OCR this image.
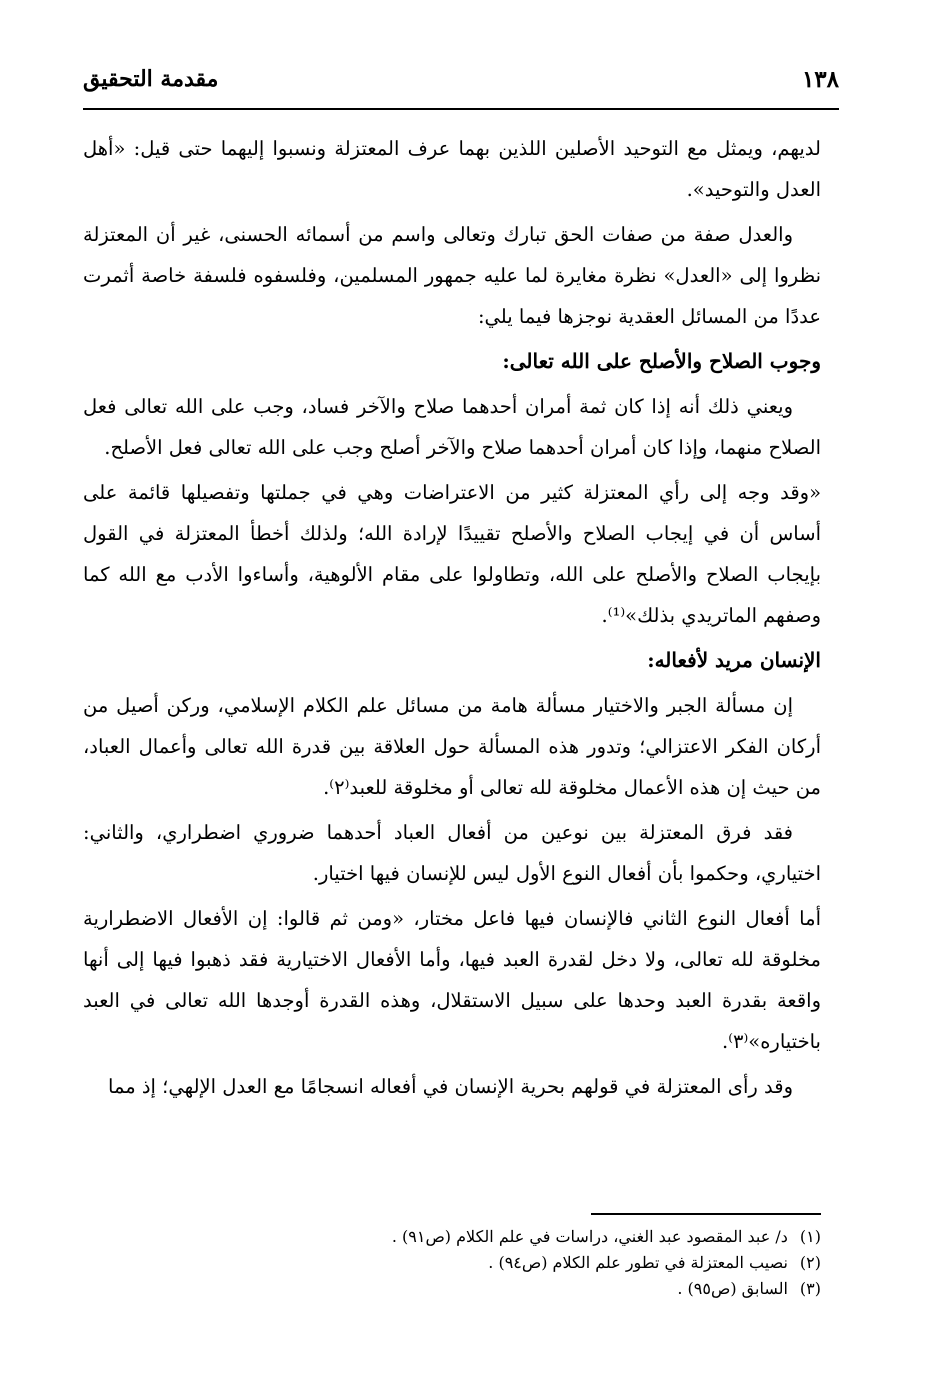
١٣٨
مقدمة التحقيق

لديهم، ويمثل مع التوحيد الأصلين اللذين بهما عرف المعتزلة ونسبوا إليهما حتى قيل: «أهل العدل والتوحيد».

والعدل صفة من صفات الحق تبارك وتعالى واسم من أسمائه الحسنى، غير أن المعتزلة نظروا إلى «العدل» نظرة مغايرة لما عليه جمهور المسلمين، وفلسفوه فلسفة خاصة أثمرت عددًا من المسائل العقدية نوجزها فيما يلي:

وجوب الصلاح والأصلح على الله تعالى:

ويعني ذلك أنه إذا كان ثمة أمران أحدهما صلاح والآخر فساد، وجب على الله تعالى فعل الصلاح منهما، وإذا كان أمران أحدهما صلاح والآخر أصلح وجب على الله تعالى فعل الأصلح.

«وقد وجه إلى رأي المعتزلة كثير من الاعتراضات وهي في جملتها وتفصيلها قائمة على أساس أن في إيجاب الصلاح والأصلح تقييدًا لإرادة الله؛ ولذلك أخطأ المعتزلة في القول بإيجاب الصلاح والأصلح على الله، وتطاولوا على مقام الألوهية، وأساءوا الأدب مع الله كما وصفهم الماتريدي بذلك»⁽¹⁾.

الإنسان مريد لأفعاله:

إن مسألة الجبر والاختيار مسألة هامة من مسائل علم الكلام الإسلامي، وركن أصيل من أركان الفكر الاعتزالي؛ وتدور هذه المسألة حول العلاقة بين قدرة الله تعالى وأعمال العباد، من حيث إن هذه الأعمال مخلوقة لله تعالى أو مخلوقة للعبد⁽٢⁾.

فقد فرق المعتزلة بين نوعين من أفعال العباد أحدهما ضروري اضطراري، والثاني: اختياري، وحكموا بأن أفعال النوع الأول ليس للإنسان فيها اختيار.

أما أفعال النوع الثاني فالإنسان فيها فاعل مختار، «ومن ثم قالوا: إن الأفعال الاضطرارية مخلوقة لله تعالى، ولا دخل لقدرة العبد فيها، وأما الأفعال الاختيارية فقد ذهبوا فيها إلى أنها واقعة بقدرة العبد وحدها على سبيل الاستقلال، وهذه القدرة أوجدها الله تعالى في العبد باختياره»⁽٣⁾.

وقد رأى المعتزلة في قولهم بحرية الإنسان في أفعاله انسجامًا مع العدل الإلهي؛ إذ مما

(١)
د/ عبد المقصود عبد الغني، دراسات في علم الكلام (ص٩١) .
(٢)
نصيب المعتزلة في تطور علم الكلام (ص٩٤) .
(٣)
السابق (ص٩٥) .
